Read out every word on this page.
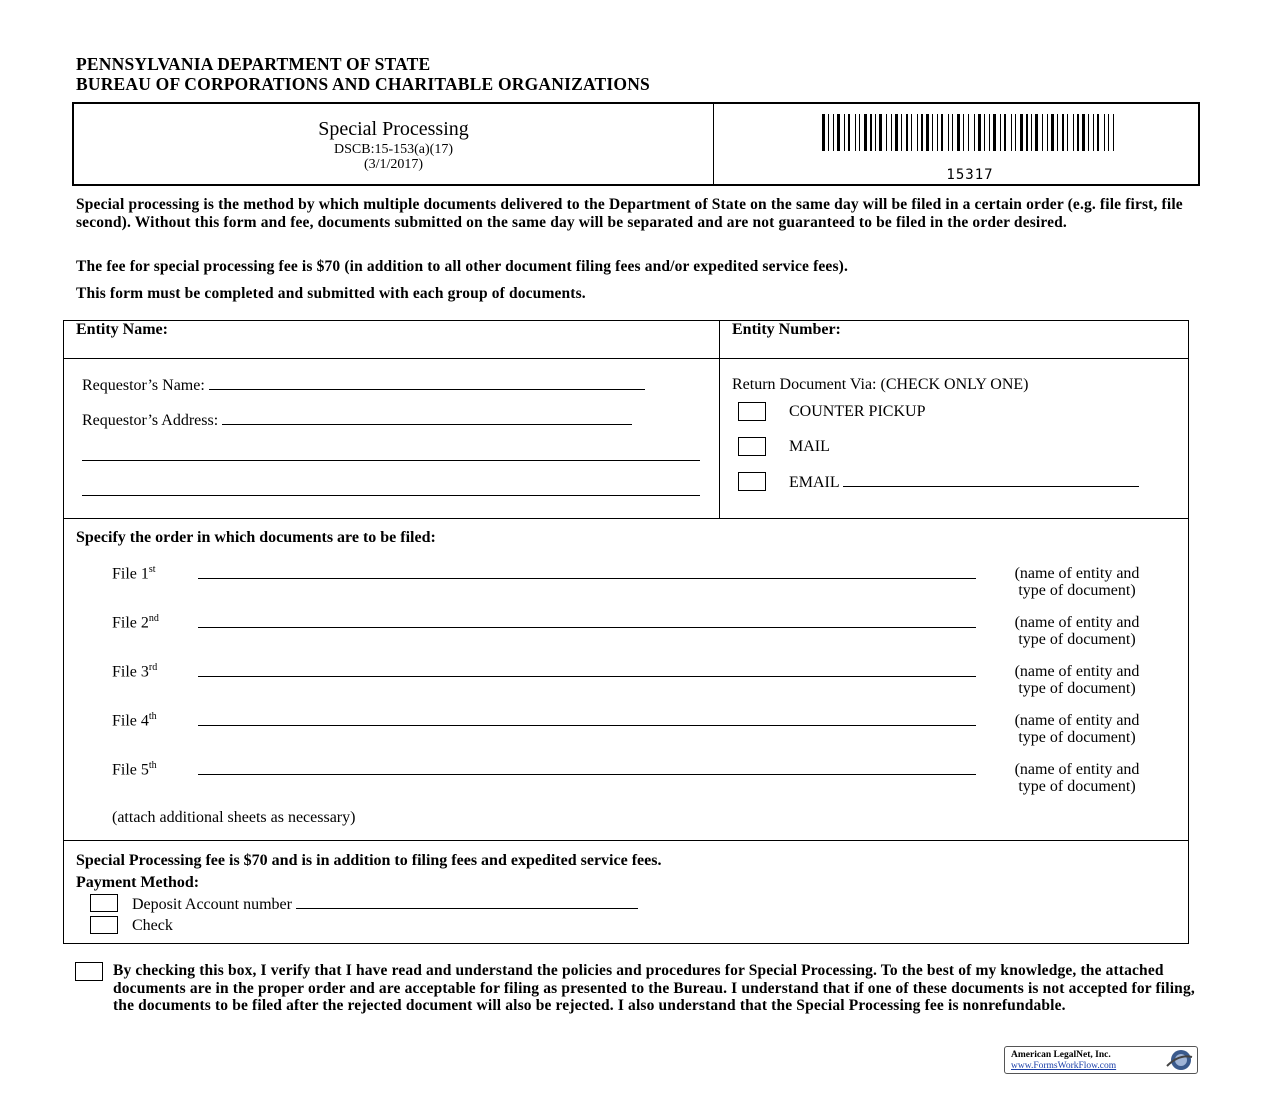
PENNSYLVANIA DEPARTMENT OF STATE
BUREAU OF CORPORATIONS AND CHARITABLE ORGANIZATIONS
Special Processing
DSCB:15-153(a)(17)
(3/1/2017)
15317
Special processing is the method by which multiple documents delivered to the Department of State on the same day will be filed in a certain order (e.g. file first, file second). Without this form and fee, documents submitted on the same day will be separated and are not guaranteed to be filed in the order desired.
The fee for special processing fee is $70 (in addition to all other document filing fees and/or expedited service fees).
This form must be completed and submitted with each group of documents.
Entity Name:	Entity Number:
Requestor’s Name:
Requestor’s Address:
Return Document Via: (CHECK ONLY ONE)
COUNTER PICKUP
MAIL
EMAIL
Specify the order in which documents are to be filed:
File 1st	(name of entity and
type of document)
File 2nd	(name of entity and
type of document)
File 3rd	(name of entity and
type of document)
File 4th	(name of entity and
type of document)
File 5th	(name of entity and
type of document)
(attach additional sheets as necessary)
Special Processing fee is $70 and is in addition to filing fees and expedited service fees.
Payment Method:
Deposit Account number
Check
By checking this box, I verify that I have read and understand the policies and procedures for Special Processing. To the best of my knowledge, the attached documents are in the proper order and are acceptable for filing as presented to the Bureau. I understand that if one of these documents is not accepted for filing, the documents to be filed after the rejected document will also be rejected. I also understand that the Special Processing fee is nonrefundable.
American LegalNet, Inc.
www.FormsWorkFlow.com
